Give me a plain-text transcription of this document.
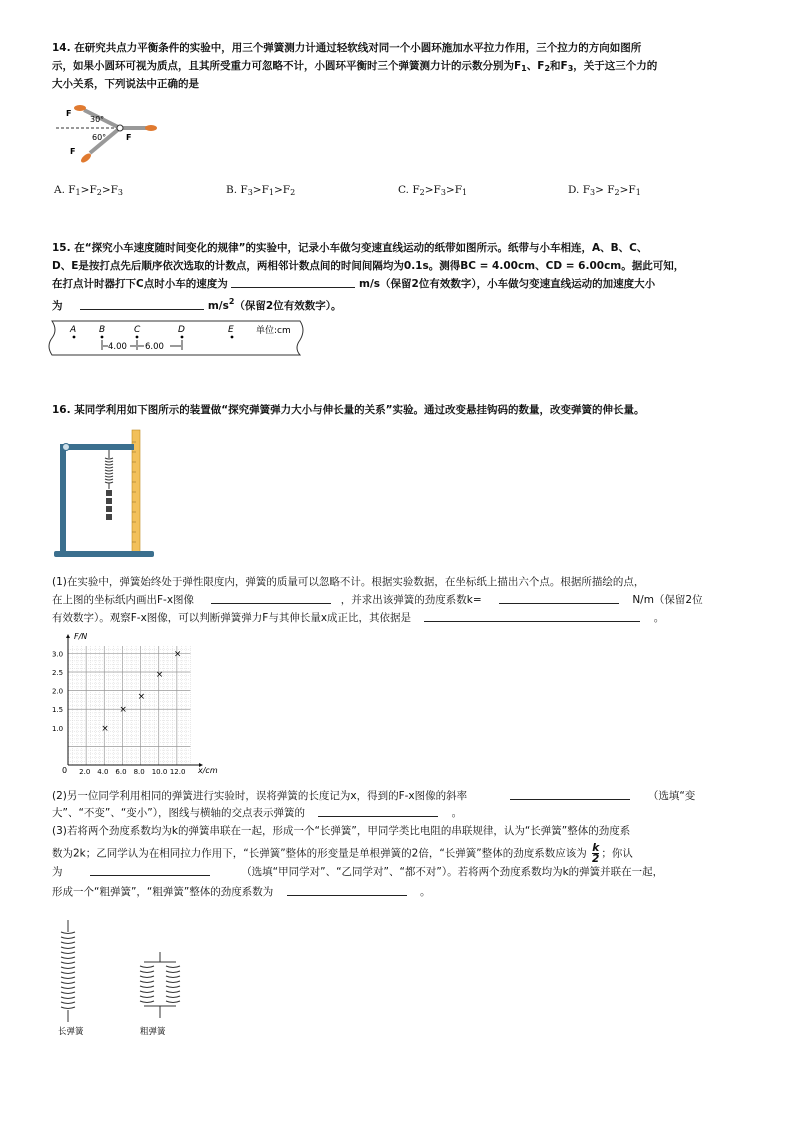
14. 在研究共点力平衡条件的实验中，用三个弹簧测力计通过轻软线对同一个小圆环施加水平拉力作用，三个拉力的方向如图所
示，如果小圆环可视为质点，且其所受重力可忽略不计，小圆环平衡时三个弹簧测力计的示数分别为$F_1$、$F_2$和$F_3$，关于这三个力的
大小关系，下列说法中正确的是
F
30°
60°
F
F
A. $F_1>F_2>F_3$	B. $F_3>F_1>F_2$	C. $F_2>F_3>F_1$	D. $F_3> F_2>F_1$
15. 在“探究小车速度随时间变化的规律”的实验中，记录小车做匀变速直线运动的纸带如图所示。纸带与小车相连，A、B、C、
D、E是按打点先后顺序依次选取的计数点，两相邻计数点间的时间间隔均为0.1s。测得BC = 4.00cm、CD = 6.00cm。据此可知，
在打点计时器打下C点时小车的速度为	m/s（保留2位有效数字），小车做匀变速直线运动的加速度大小
为	$m/s^2$（保留2位有效数字）。
A	B	C	D	E
4.00 6.00
单位:cm
16. 某同学利用如下图所示的装置做“探究弹簧弹力大小与伸长量的关系”实验。通过改变悬挂钩码的数量，改变弹簧的伸长量。
(1)在实验中，弹簧始终处于弹性限度内，弹簧的质量可以忽略不计。根据实验数据，在坐标纸上描出六个点。根据所描绘的点，
在上图的坐标纸内画出F-x图像	，并求出该弹簧的劲度系数k=	N/m（保留2位
有效数字）。观察F-x图像，可以判断弹簧弹力F与其伸长量x成正比，其依据是	。
2.0 4.0 6.0 8.0 10.0 12.0
1.0
1.5
2.0
2.5
3.0
×
×
×
×
×
F/N
x/cm
0
(2)另一位同学利用相同的弹簧进行实验时，误将弹簧的长度记为x，得到的F-x图像的斜率	（选填“变
大”、“不变”、“变小”），图线与横轴的交点表示弹簧的	。
(3)若将两个劲度系数均为k的弹簧串联在一起，形成一个“长弹簧”，甲同学类比电阻的串联规律，认为“长弹簧”整体的劲度系
数为2k；乙同学认为在相同拉力作用下，“长弹簧”整体的形变量是单根弹簧的2倍，“长弹簧”整体的劲度系数应该为 $\frac{k}{2}$ ；你认
为	（选填“甲同学对”、“乙同学对”、“都不对”）。若将两个劲度系数均为k的弹簧并联在一起，
形成一个“粗弹簧”，“粗弹簧”整体的劲度系数为	。
长弹簧	粗弹簧
